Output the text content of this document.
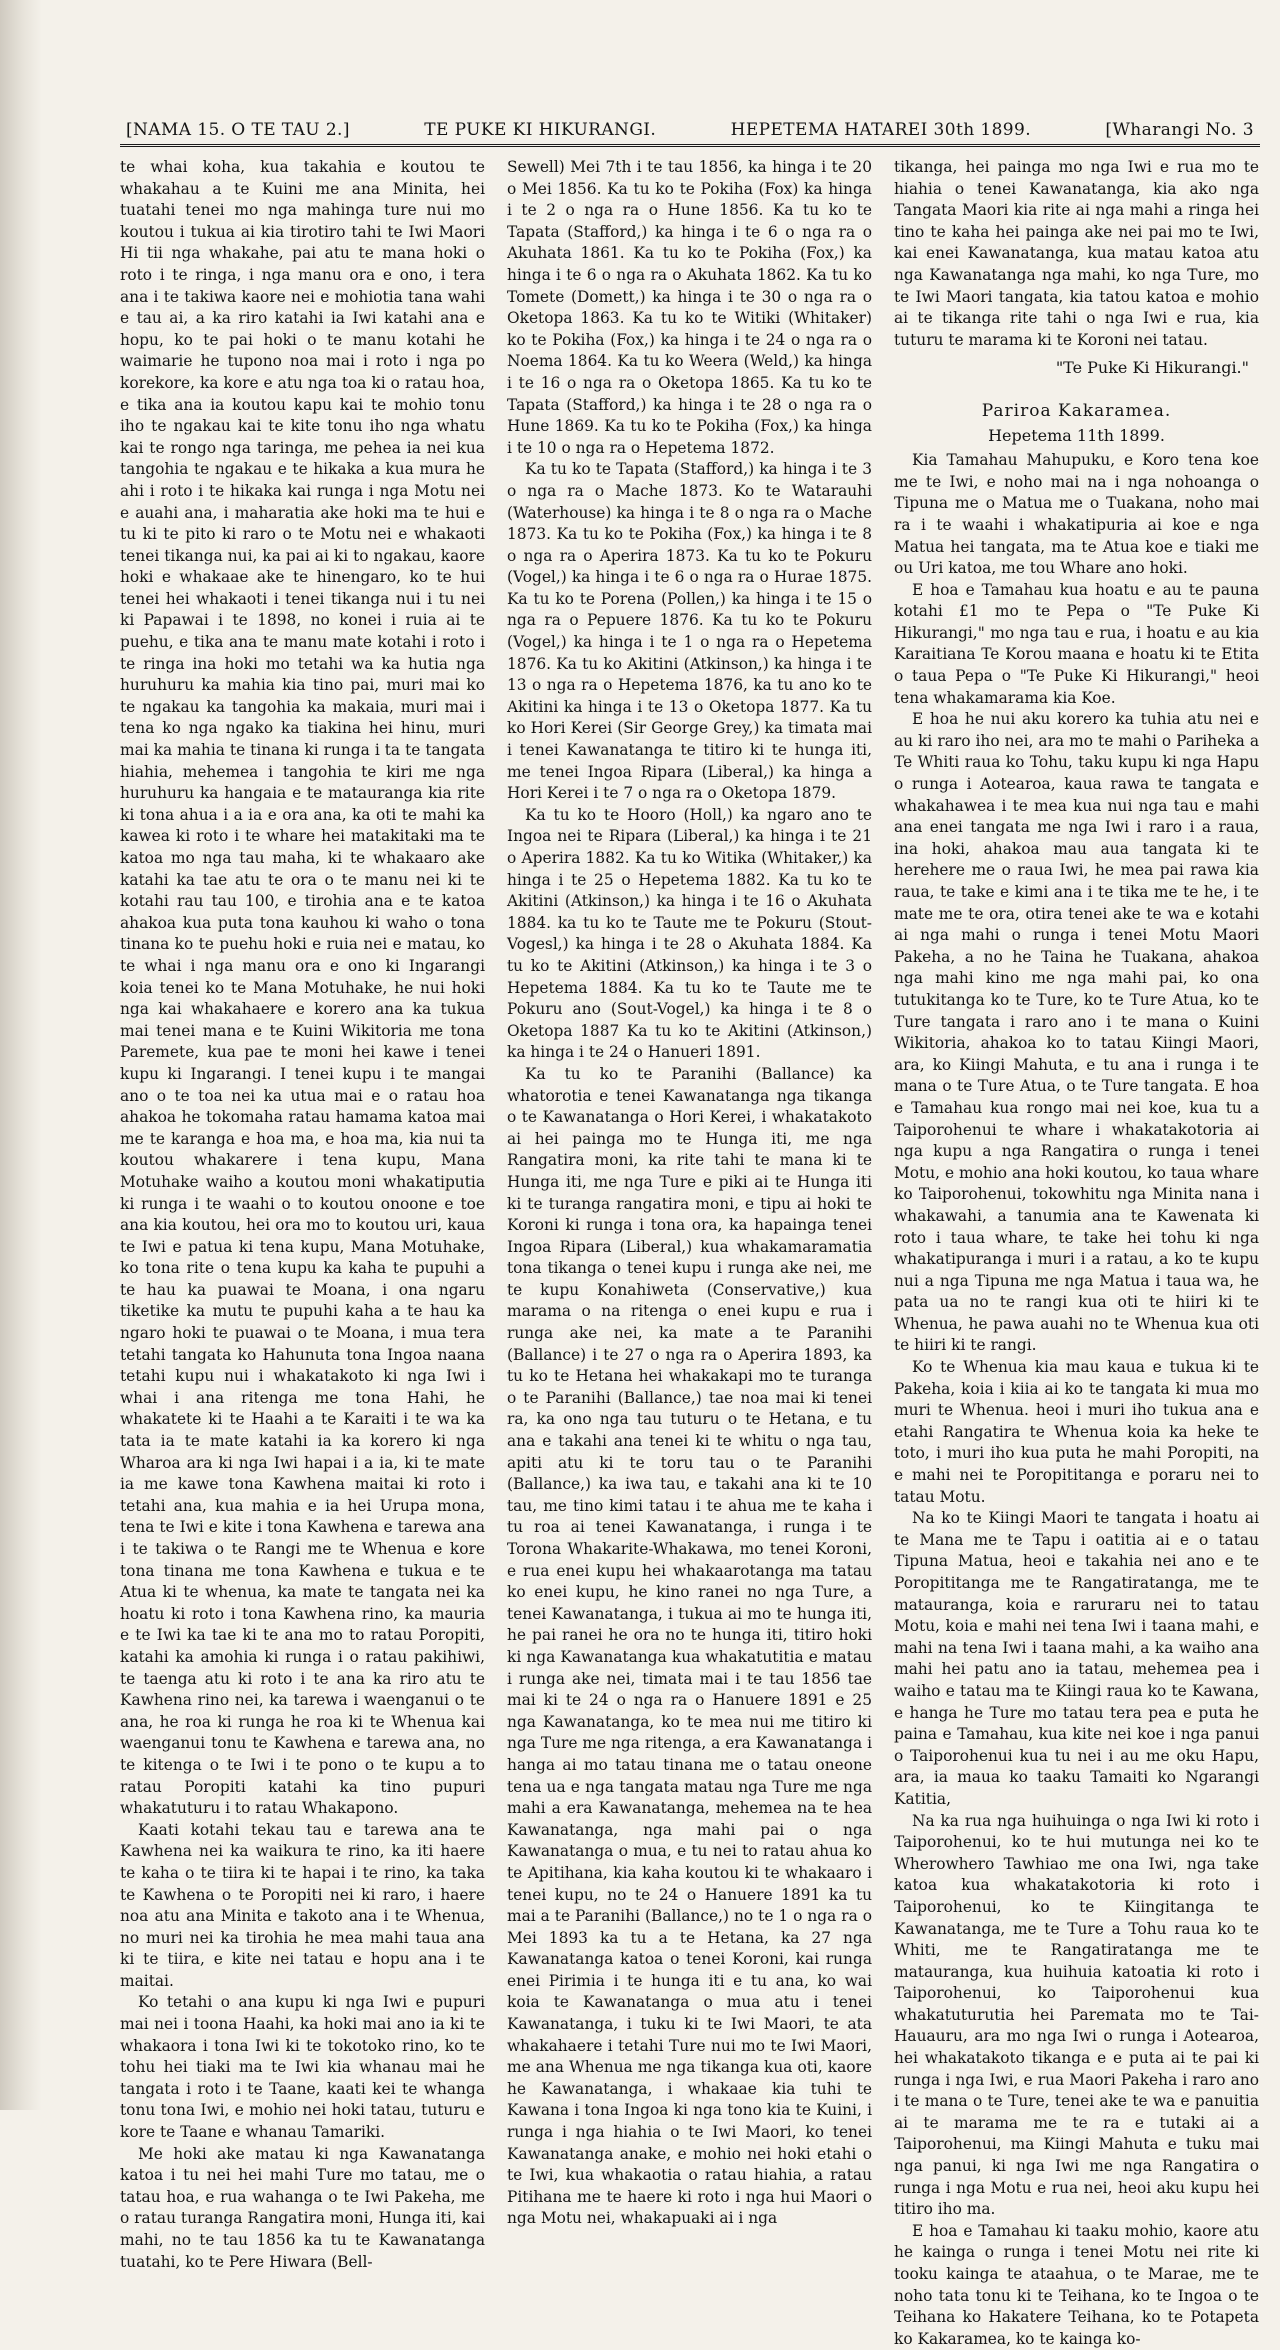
[NAMA 15. O TE TAU 2.]	TE PUKE KI HIKURANGI.	HEPETEMA HATAREI 30th 1899.	[Wharangi No. 3

te whai koha, kua takahia e koutou te whakahau a te Kuini me ana Minita, hei tuatahi tenei mo nga mahinga ture nui mo koutou i tukua ai kia tirotiro tahi te Iwi Maori Hi tii nga whakahe, pai atu te mana hoki o roto i te ringa, i nga manu ora e ono, i tera ana i te takiwa kaore nei e mohiotia tana wahi e tau ai, a ka riro katahi ia Iwi katahi ana e hopu, ko te pai hoki o te manu kotahi he waimarie he tupono noa mai i roto i nga po korekore, ka kore e atu nga toa ki o ratau hoa, e tika ana ia koutou kapu kai te mohio tonu iho te ngakau kai te kite tonu iho nga whatu kai te rongo nga taringa, me pehea ia nei kua tangohia te ngakau e te hikaka a kua mura he ahi i roto i te hikaka kai runga i nga Motu nei e auahi ana, i maharatia ake hoki ma te hui e tu ki te pito ki raro o te Motu nei e whakaoti tenei tikanga nui, ka pai ai ki to ngakau, kaore hoki e whakaae ake te hinengaro, ko te hui tenei hei whakaoti i tenei tikanga nui i tu nei ki Papawai i te 1898, no konei i ruia ai te puehu, e tika ana te manu mate kotahi i roto i te ringa ina hoki mo tetahi wa ka hutia nga huruhuru ka mahia kia tino pai, muri mai ko te ngakau ka tangohia ka makaia, muri mai i tena ko nga ngako ka tiakina hei hinu, muri mai ka mahia te tinana ki runga i ta te tangata hiahia, mehemea i tangohia te kiri me nga huruhuru ka hangaia e te matauranga kia rite ki tona ahua i a ia e ora ana, ka oti te mahi ka kawea ki roto i te whare hei matakitaki ma te katoa mo nga tau maha, ki te whakaaro ake katahi ka tae atu te ora o te manu nei ki te kotahi rau tau 100, e tirohia ana e te katoa ahakoa kua puta tona kauhou ki waho o tona tinana ko te puehu hoki e ruia nei e matau, ko te whai i nga manu ora e ono ki Ingarangi koia tenei ko te Mana Motuhake, he nui hoki nga kai whakahaere e korero ana ka tukua mai tenei mana e te Kuini Wikitoria me tona Paremete, kua pae te moni hei kawe i tenei kupu ki Ingarangi. I tenei kupu i te mangai ano o te toa nei ka utua mai e o ratau hoa ahakoa he tokomaha ratau hamama katoa mai me te karanga e hoa ma, e hoa ma, kia nui ta koutou whakarere i tena kupu, Mana Motuhake waiho a koutou moni whakatiputia ki runga i te waahi o to koutou onoone e toe ana kia koutou, hei ora mo to koutou uri, kaua te Iwi e patua ki tena kupu, Mana Motuhake, ko tona rite o tena kupu ka kaha te pupuhi a te hau ka puawai te Moana, i ona ngaru tiketike ka mutu te pupuhi kaha a te hau ka ngaro hoki te puawai o te Moana, i mua tera tetahi tangata ko Hahunuta tona Ingoa naana tetahi kupu nui i whakatakoto ki nga Iwi i whai i ana ritenga me tona Hahi, he whakatete ki te Haahi a te Karaiti i te wa ka tata ia te mate katahi ia ka korero ki nga Wharoa ara ki nga Iwi hapai i a ia, ki te mate ia me kawe tona Kawhena maitai ki roto i tetahi ana, kua mahia e ia hei Urupa mona, tena te Iwi e kite i tona Kawhena e tarewa ana i te takiwa o te Rangi me te Whenua e kore tona tinana me tona Kawhena e tukua e te Atua ki te whenua, ka mate te tangata nei ka hoatu ki roto i tona Kawhena rino, ka mauria e te Iwi ka tae ki te ana mo to ratau Poropiti, katahi ka amohia ki runga i o ratau pakihiwi, te taenga atu ki roto i te ana ka riro atu te Kawhena rino nei, ka tarewa i waenganui o te ana, he roa ki runga he roa ki te Whenua kai waenganui tonu te Kawhena e tarewa ana, no te kitenga o te Iwi i te pono o te kupu a to ratau Poropiti katahi ka tino pupuri whakatuturu i to ratau Whakapono.

Kaati kotahi tekau tau e tarewa ana te Kawhena nei ka waikura te rino, ka iti haere te kaha o te tiira ki te hapai i te rino, ka taka te Kawhena o te Poropiti nei ki raro, i haere noa atu ana Minita e takoto ana i te Whenua, no muri nei ka tirohia he mea mahi taua ana ki te tiira, e kite nei tatau e hopu ana i te maitai.

Ko tetahi o ana kupu ki nga Iwi e pupuri mai nei i toona Haahi, ka hoki mai ano ia ki te whakaora i tona Iwi ki te tokotoko rino, ko te tohu hei tiaki ma te Iwi kia whanau mai he tangata i roto i te Taane, kaati kei te whanga tonu tona Iwi, e mohio nei hoki tatau, tuturu e kore te Taane e whanau Tamariki.

Me hoki ake matau ki nga Kawanatanga katoa i tu nei hei mahi Ture mo tatau, me o tatau hoa, e rua wahanga o te Iwi Pakeha, me o ratau turanga Rangatira moni, Hunga iti, kai mahi, no te tau 1856 ka tu te Kawanatanga tuatahi, ko te Pere Hiwara (Bell-

Sewell) Mei 7th i te tau 1856, ka hinga i te 20 o Mei 1856. Ka tu ko te Pokiha (Fox) ka hinga i te 2 o nga ra o Hune 1856. Ka tu ko te Tapata (Stafford,) ka hinga i te 6 o nga ra o Akuhata 1861. Ka tu ko te Pokiha (Fox,) ka hinga i te 6 o nga ra o Akuhata 1862. Ka tu ko Tomete (Domett,) ka hinga i te 30 o nga ra o Oketopa 1863. Ka tu ko te Witiki (Whitaker) ko te Pokiha (Fox,) ka hinga i te 24 o nga ra o Noema 1864. Ka tu ko Weera (Weld,) ka hinga i te 16 o nga ra o Oketopa 1865. Ka tu ko te Tapata (Stafford,) ka hinga i te 28 o nga ra o Hune 1869. Ka tu ko te Pokiha (Fox,) ka hinga i te 10 o nga ra o Hepetema 1872.

Ka tu ko te Tapata (Stafford,) ka hinga i te 3 o nga ra o Mache 1873. Ko te Watarauhi (Waterhouse) ka hinga i te 8 o nga ra o Mache 1873. Ka tu ko te Pokiha (Fox,) ka hinga i te 8 o nga ra o Aperira 1873. Ka tu ko te Pokuru (Vogel,) ka hinga i te 6 o nga ra o Hurae 1875. Ka tu ko te Porena (Pollen,) ka hinga i te 15 o nga ra o Pepuere 1876. Ka tu ko te Pokuru (Vogel,) ka hinga i te 1 o nga ra o Hepetema 1876. Ka tu ko Akitini (Atkinson,) ka hinga i te 13 o nga ra o Hepetema 1876, ka tu ano ko te Akitini ka hinga i te 13 o Oketopa 1877. Ka tu ko Hori Kerei (Sir George Grey,) ka timata mai i tenei Kawanatanga te titiro ki te hunga iti, me tenei Ingoa Ripara (Liberal,) ka hinga a Hori Kerei i te 7 o nga ra o Oketopa 1879.

Ka tu ko te Hooro (Holl,) ka ngaro ano te Ingoa nei te Ripara (Liberal,) ka hinga i te 21 o Aperira 1882. Ka tu ko Witika (Whitaker,) ka hinga i te 25 o Hepetema 1882. Ka tu ko te Akitini (Atkinson,) ka hinga i te 16 o Akuhata 1884. ka tu ko te Taute me te Pokuru (Stout-Vogesl,) ka hinga i te 28 o Akuhata 1884. Ka tu ko te Akitini (Atkinson,) ka hinga i te 3 o Hepetema 1884. Ka tu ko te Taute me te Pokuru ano (Sout-Vogel,) ka hinga i te 8 o Oketopa 1887 Ka tu ko te Akitini (Atkinson,) ka hinga i te 24 o Hanueri 1891.

Ka tu ko te Paranihi (Ballance) ka whatorotia e tenei Kawanatanga nga tikanga o te Kawanatanga o Hori Kerei, i whakatakoto ai hei painga mo te Hunga iti, me nga Rangatira moni, ka rite tahi te mana ki te Hunga iti, me nga Ture e piki ai te Hunga iti ki te turanga rangatira moni, e tipu ai hoki te Koroni ki runga i tona ora, ka hapainga tenei Ingoa Ripara (Liberal,) kua whakamaramatia tona tikanga o tenei kupu i runga ake nei, me te kupu Konahiweta (Conservative,) kua marama o na ritenga o enei kupu e rua i runga ake nei, ka mate a te Paranihi (Ballance) i te 27 o nga ra o Aperira 1893, ka tu ko te Hetana hei whakakapi mo te turanga o te Paranihi (Ballance,) tae noa mai ki tenei ra, ka ono nga tau tuturu o te Hetana, e tu ana e takahi ana tenei ki te whitu o nga tau, apiti atu ki te toru tau o te Paranihi (Ballance,) ka iwa tau, e takahi ana ki te 10 tau, me tino kimi tatau i te ahua me te kaha i tu roa ai tenei Kawanatanga, i runga i te Torona Whakarite-Whakawa, mo tenei Koroni, e rua enei kupu hei whakaarotanga ma tatau ko enei kupu, he kino ranei no nga Ture, a tenei Kawanatanga, i tukua ai mo te hunga iti, he pai ranei he ora no te hunga iti, titiro hoki ki nga Kawanatanga kua whakatutitia e matau i runga ake nei, timata mai i te tau 1856 tae mai ki te 24 o nga ra o Hanuere 1891 e 25 nga Kawanatanga, ko te mea nui me titiro ki nga Ture me nga ritenga, a era Kawanatanga i hanga ai mo tatau tinana me o tatau oneone tena ua e nga tangata matau nga Ture me nga mahi a era Kawanatanga, mehemea na te hea Kawanatanga, nga mahi pai o nga Kawanatanga o mua, e tu nei to ratau ahua ko te Apitihana, kia kaha koutou ki te whakaaro i tenei kupu, no te 24 o Hanuere 1891 ka tu mai a te Paranihi (Ballance,) no te 1 o nga ra o Mei 1893 ka tu a te Hetana, ka 27 nga Kawanatanga katoa o tenei Koroni, kai runga enei Pirimia i te hunga iti e tu ana, ko wai koia te Kawanatanga o mua atu i tenei Kawanatanga, i tuku ki te Iwi Maori, te ata whakahaere i tetahi Ture nui mo te Iwi Maori, me ana Whenua me nga tikanga kua oti, kaore he Kawanatanga, i whakaae kia tuhi te Kawana i tona Ingoa ki nga tono kia te Kuini, i runga i nga hiahia o te Iwi Maori, ko tenei Kawanatanga anake, e mohio nei hoki etahi o te Iwi, kua whakaotia o ratau hiahia, a ratau Pitihana me te haere ki roto i nga hui Maori o nga Motu nei, whakapuaki ai i nga

tikanga, hei painga mo nga Iwi e rua mo te hiahia o tenei Kawanatanga, kia ako nga Tangata Maori kia rite ai nga mahi a ringa hei tino te kaha hei painga ake nei pai mo te Iwi, kai enei Kawanatanga, kua matau katoa atu nga Kawanatanga nga mahi, ko nga Ture, mo te Iwi Maori tangata, kia tatou katoa e mohio ai te tikanga rite tahi o nga Iwi e rua, kia tuturu te marama ki te Koroni nei tatau.

"Te Puke Ki Hikurangi."
Pariroa Kakarameа.
Hepetema 11th 1899.

Kia Tamahau Mahupuku, e Koro tena koe me te Iwi, e noho mai na i nga nohoanga o Tipuna me o Matua me o Tuakana, noho mai ra i te waahi i whakatipuria ai koe e nga Matua hei tangata, ma te Atua koe e tiaki me ou Uri katoa, me tou Whare ano hoki.

E hoa e Tamahau kua hoatu e au te pauna kotahi £1 mo te Pepa o "Te Puke Ki Hikurangi," mo nga tau e rua, i hoatu e au kia Karaitiana Te Korou maana e hoatu ki te Etita o taua Pepa o "Te Puke Ki Hikurangi," heoi tena whakamarama kia Koe.

E hoa he nui aku korero ka tuhia atu nei e au ki raro iho nei, ara mo te mahi o Pariheka a Te Whiti raua ko Tohu, taku kupu ki nga Hapu o runga i Aotearoa, kaua rawa te tangata e whakahawea i te mea kua nui nga tau e mahi ana enei tangata me nga Iwi i raro i a raua, ina hoki, ahakoa mau aua tangata ki te herehere me o raua Iwi, he mea pai rawa kia raua, te take e kimi ana i te tika me te he, i te mate me te ora, otira tenei ake te wa e kotahi ai nga mahi o runga i tenei Motu Maori Pakeha, a no he Taina he Tuakana, ahakoa nga mahi kino me nga mahi pai, ko ona tutukitanga ko te Ture, ko te Ture Atua, ko te Ture tangata i raro ano i te mana o Kuini Wikitoria, ahakoa ko to tatau Kiingi Maori, ara, ko Kiingi Mahuta, e tu ana i runga i te mana o te Ture Atua, o te Ture tangata. E hoa e Tamahau kua rongo mai nei koe, kua tu a Taiporohenui te whare i whakatakotoria ai nga kupu a nga Rangatira o runga i tenei Motu, e mohio ana hoki koutou, ko taua whare ko Taiporohenui, tokowhitu nga Minita nana i whakawahi, a tanumia ana te Kawenata ki roto i taua whare, te take hei tohu ki nga whakatipuranga i muri i a ratau, a ko te kupu nui a nga Tipuna me nga Matua i taua wa, he pata ua no te rangi kua oti te hiiri ki te Whenua, he pawa auahi no te Whenua kua oti te hiiri ki te rangi.

Ko te Whenua kia mau kaua e tukua ki te Pakeha, koia i kiia ai ko te tangata ki mua mo muri te Whenua. heoi i muri iho tukua ana e etahi Rangatira te Whenua koia ka heke te toto, i muri iho kua puta he mahi Poropiti, na e mahi nei te Poropititanga e poraru nei to tatau Motu.

Na ko te Kiingi Maori te tangata i hoatu ai te Mana me te Tapu i oatitia ai e o tatau Tipuna Matua, heoi e takahia nei ano e te Poropititanga me te Rangatiratanga, me te matauranga, koia e raruraru nei to tatau Motu, koia e mahi nei tena Iwi i taana mahi, e mahi na tena Iwi i taana mahi, a ka waiho ana mahi hei patu ano ia tatau, mehemea pea i waiho e tatau ma te Kiingi raua ko te Kawana, e hanga he Ture mo tatau tera pea e puta he paina e Tamahau, kua kite nei koe i nga panui o Taiporohenui kua tu nei i au me oku Hapu, ara, ia maua ko taaku Tamaiti ko Ngarangi Katitia,

Na ka rua nga huihuinga o nga Iwi ki roto i Taiporohenui, ko te hui mutunga nei ko te Wherowhero Tawhiao me ona Iwi, nga take katoa kua whakatakotoria ki roto i Taiporohenui, ko te Kiingitanga te Kawanatanga, me te Ture a Tohu raua ko te Whiti, me te Rangatiratanga me te matauranga, kua huihuia katoatia ki roto i Taiporohenui, ko Taiporohenui kua whakatuturutia hei Paremata mo te Tai-Hauauru, ara mo nga Iwi o runga i Aotearoa, hei whakatakoto tikanga e e puta ai te pai ki runga i nga Iwi, e rua Maori Pakeha i raro ano i te mana o te Ture, tenei ake te wa e panuitia ai te marama me te ra e tutaki ai a Taiporohenui, ma Kiingi Mahuta e tuku mai nga panui, ki nga Iwi me nga Rangatira o runga i nga Motu e rua nei, heoi aku kupu hei titiro iho ma.

E hoa e Tamahau ki taaku mohio, kaore atu he kainga o runga i tenei Motu nei rite ki tooku kainga te ataahua, o te Marae, me te noho tata tonu ki te Teihana, ko te Ingoa o te Teihana ko Hakatere Teihana, ko te Potapeta ko Kakarameа, ko te kainga ko-
